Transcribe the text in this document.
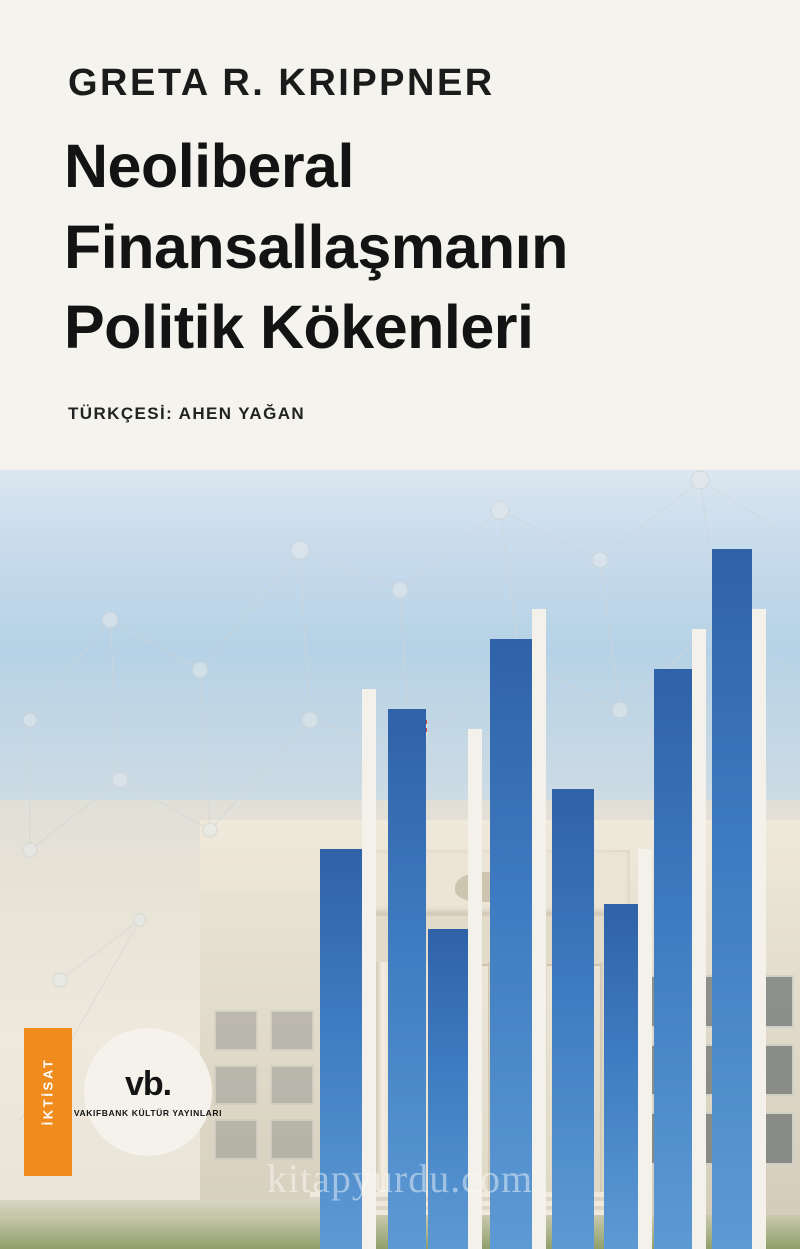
GRETA R. KRIPPNER
Neoliberal
Finansallaşmanın
Politik Kökenleri
TÜRKÇESİ: AHEN YAĞAN
İKTİSAT vb.
VAKIFBANK KÜLTÜR YAYINLARI
kitapyurdu.com
